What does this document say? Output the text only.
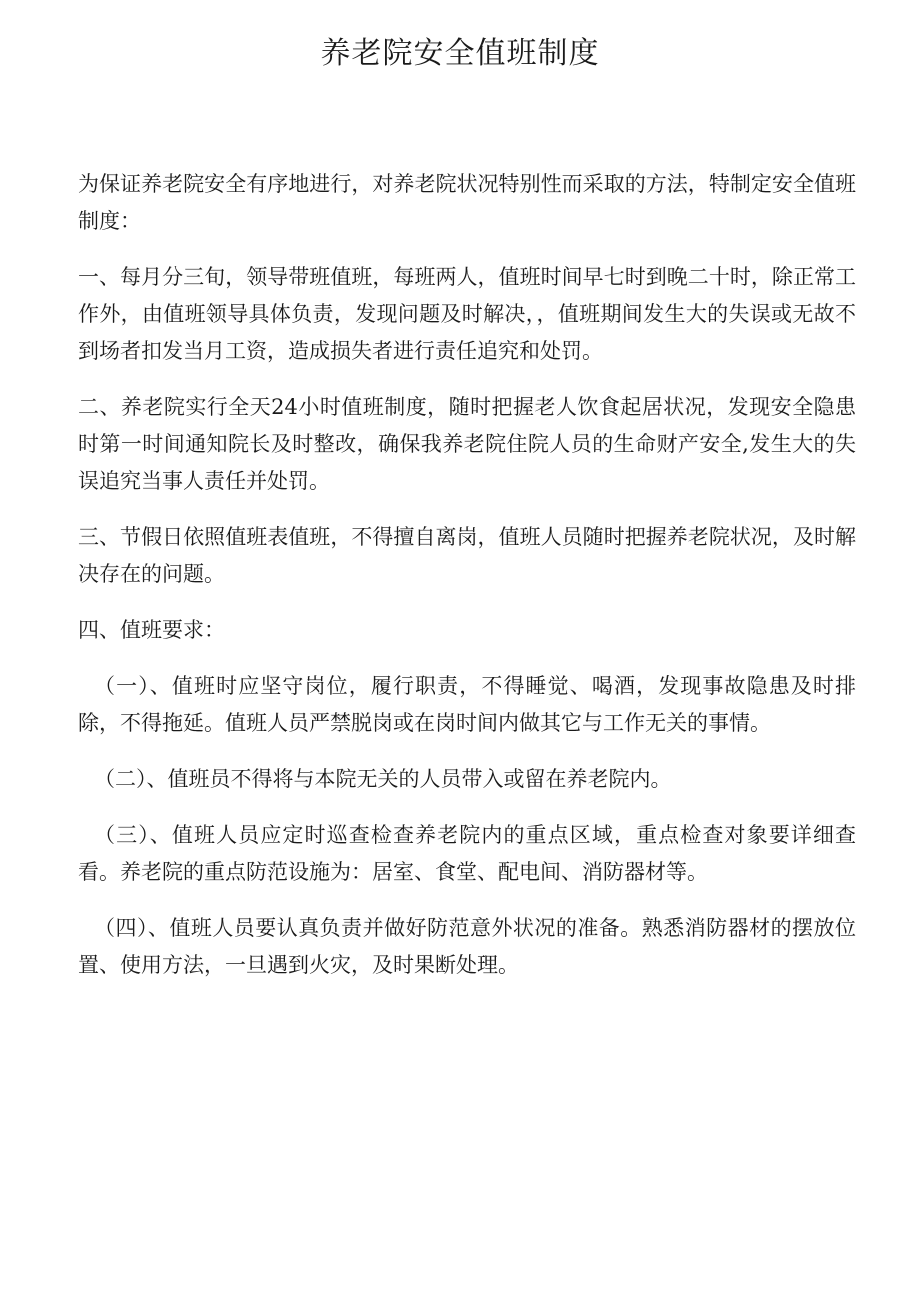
养老院安全值班制度

为保证养老院安全有序地进行，对养老院状况特别性而采取的方法，特制定安全值班制度：

一、每月分三旬，领导带班值班，每班两人，值班时间早七时到晚二十时，除正常工作外，由值班领导具体负责，发现问题及时解决，，值班期间发生大的失误或无故不到场者扣发当月工资，造成损失者进行责任追究和处罚。

二、养老院实行全天24小时值班制度，随时把握老人饮食起居状况，发现安全隐患时第一时间通知院长及时整改，确保我养老院住院人员的生命财产安全,发生大的失误追究当事人责任并处罚。

三、节假日依照值班表值班，不得擅自离岗，值班人员随时把握养老院状况，及时解决存在的问题。

四、值班要求：

（一）、值班时应坚守岗位，履行职责，不得睡觉、喝酒，发现事故隐患及时排除，不得拖延。值班人员严禁脱岗或在岗时间内做其它与工作无关的事情。

（二）、值班员不得将与本院无关的人员带入或留在养老院内。

（三）、值班人员应定时巡查检查养老院内的重点区域，重点检查对象要详细查看。养老院的重点防范设施为：居室、食堂、配电间、消防器材等。

（四）、值班人员要认真负责并做好防范意外状况的准备。熟悉消防器材的摆放位置、使用方法，一旦遇到火灾，及时果断处理。
